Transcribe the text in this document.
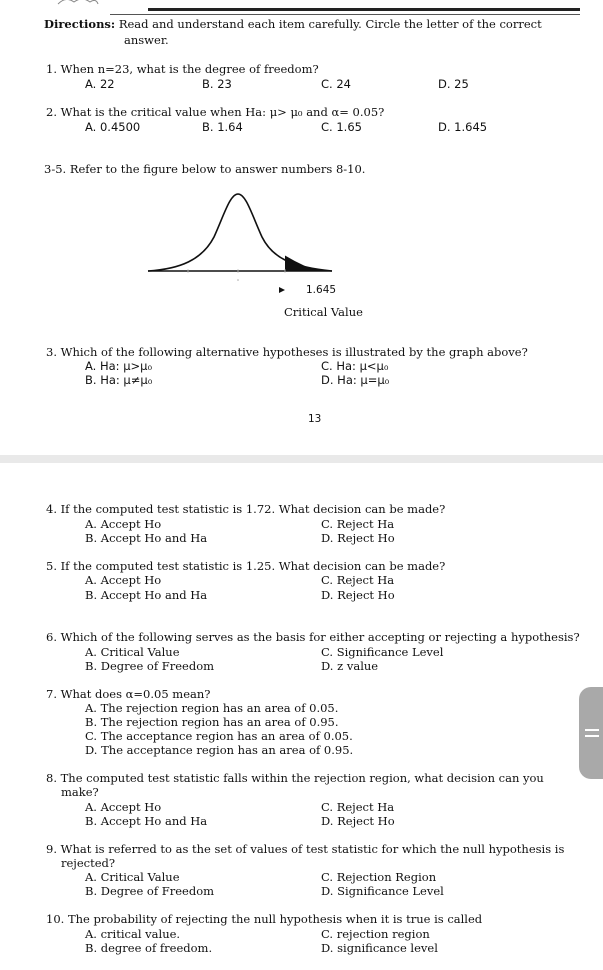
Directions: Read and understand each item carefully. Circle the letter of the correct
answer.
1. When n=23, what is the degree of freedom?
A. 22	B. 23	C. 24	D. 25
2. What is the critical value when Ha: μ> μ₀ and α= 0.05?
A. 0.4500	B. 1.64	C. 1.65	D. 1.645
3-5. Refer to the figure below to answer numbers 8-10.
1.645
Critical Value
3. Which of the following alternative hypotheses is illustrated by the graph above?
A. Ha: μ>μ₀
B. Ha: μ≠μ₀
C. Ha: μ<μ₀
D. Ha: μ=μ₀
13
4. If the computed test statistic is 1.72. What decision can be made?
A. Accept Ho
B. Accept Ho and Ha
C. Reject Ha
D. Reject Ho
5. If the computed test statistic is 1.25. What decision can be made?
A. Accept Ho
B. Accept Ho and Ha
C. Reject Ha
D. Reject Ho
6. Which of the following serves as the basis for either accepting or rejecting a hypothesis?
A. Critical Value
B. Degree of Freedom
C. Significance Level
D. z value
7. What does α=0.05 mean?
A. The rejection region has an area of 0.05.
B. The rejection region has an area of 0.95.
C. The acceptance region has an area of 0.05.
D. The acceptance region has an area of 0.95.
8. The computed test statistic falls within the rejection region, what decision can you
make?
A. Accept Ho
B. Accept Ho and Ha
C. Reject Ha
D. Reject Ho
9. What is referred to as the set of values of test statistic for which the null hypothesis is
rejected?
A. Critical Value
B. Degree of Freedom
C. Rejection Region
D. Significance Level
10. The probability of rejecting the null hypothesis when it is true is called
A. critical value.
B. degree of freedom.
C. rejection region
D. significance level
